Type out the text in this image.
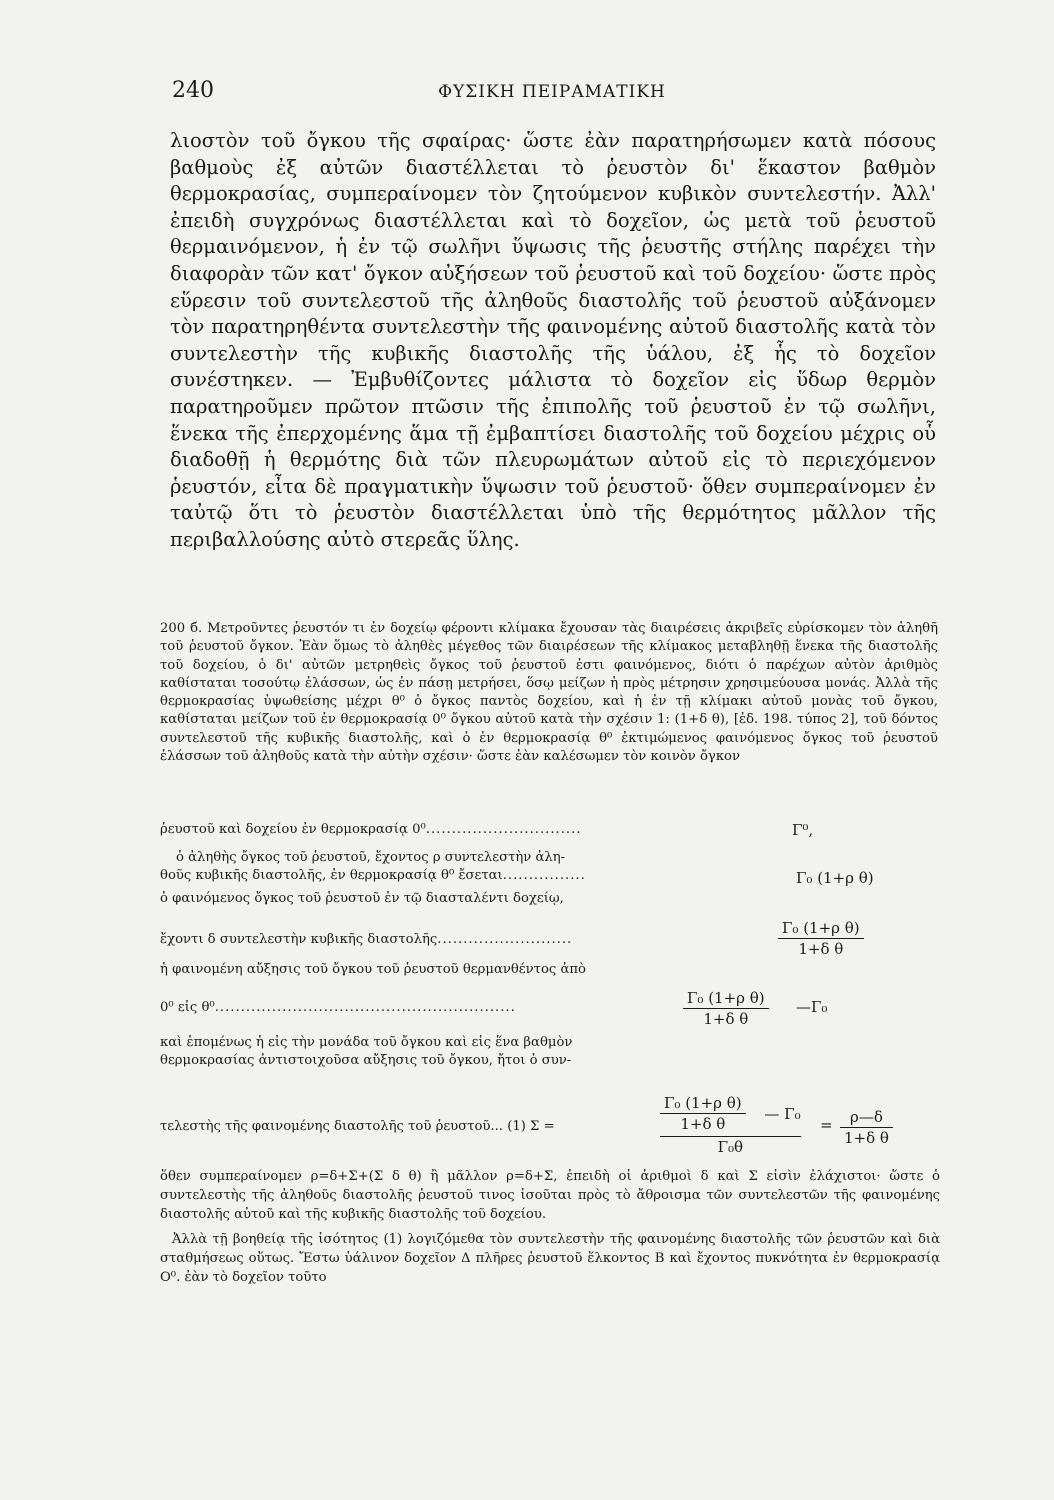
240	ΦΥΣΙΚΗ ΠΕΙΡΑΜΑΤΙΚΗ

λιοστὸν τοῦ ὄγκου τῆς σφαίρας· ὥστε ἐὰν παρατηρήσωμεν κατὰ πόσους βαθμοὺς ἐξ αὐτῶν διαστέλλεται τὸ ῥευστὸν δι' ἕκαστον βαθμὸν θερμοκρασίας, συμπεραίνομεν τὸν ζητούμενον κυβικὸν συντελεστήν. Ἀλλ' ἐπειδὴ συγχρόνως διαστέλλεται καὶ τὸ δοχεῖον, ὡς μετὰ τοῦ ῥευστοῦ θερμαινόμενον, ἡ ἐν τῷ σωλῆνι ὕψωσις τῆς ῥευστῆς στήλης παρέχει τὴν διαφορὰν τῶν κατ' ὄγκον αὐξήσεων τοῦ ῥευστοῦ καὶ τοῦ δοχείου· ὥστε πρὸς εὕρεσιν τοῦ συντελεστοῦ τῆς ἀληθοῦς διαστολῆς τοῦ ῥευστοῦ αὐξάνομεν τὸν παρατηρηθέντα συντελεστὴν τῆς φαινομένης αὐτοῦ διαστολῆς κατὰ τὸν συντελεστὴν τῆς κυβικῆς διαστολῆς τῆς ὑάλου, ἐξ ἧς τὸ δοχεῖον συνέστηκεν. — Ἐμβυθίζοντες μάλιστα τὸ δοχεῖον εἰς ὕδωρ θερμὸν παρατηροῦμεν πρῶτον πτῶσιν τῆς ἐπιπολῆς τοῦ ῥευστοῦ ἐν τῷ σωλῆνι, ἕνεκα τῆς ἐπερχομένης ἅμα τῇ ἐμβαπτίσει διαστολῆς τοῦ δοχείου μέχρις οὗ διαδοθῇ ἡ θερμότης διὰ τῶν πλευρωμάτων αὐτοῦ εἰς τὸ περιεχόμενον ῥευστόν, εἶτα δὲ πραγματικὴν ὕψωσιν τοῦ ῥευστοῦ· ὅθεν συμπεραίνομεν ἐν ταὐτῷ ὅτι τὸ ῥευστὸν διαστέλλεται ὑπὸ τῆς θερμότητος μᾶλλον τῆς περιβαλλούσης αὐτὸ στερεᾶς ὕλης.

200 б. Μετροῦντες ῥευστόν τι ἐν δοχείῳ φέροντι κλίμακα ἔχουσαν τὰς διαιρέσεις ἀκριβεῖς εὑρίσκομεν τὸν ἀληθῆ τοῦ ῥευστοῦ ὄγκον. Ἐὰν ὅμως τὸ ἀληθὲς μέγεθος τῶν διαιρέσεων τῆς κλίμακος μεταβληθῇ ἕνεκα τῆς διαστολῆς τοῦ δοχείου, ὁ δι' αὐτῶν μετρηθεὶς ὄγκος τοῦ ῥευστοῦ ἐστι φαινόμενος, διότι ὁ παρέχων αὐτὸν ἀριθμὸς καθίσταται τοσούτῳ ἐλάσσων, ὡς ἐν πάσῃ μετρήσει, ὅσῳ μείζων ἡ πρὸς μέτρησιν χρησιμεύουσα μονάς. Ἀλλὰ τῆς θερμοκρασίας ὑψωθείσης μέχρι θ⁰ ὁ ὄγκος παντὸς δοχείου, καὶ ἡ ἐν τῇ κλίμακι αὐτοῦ μονὰς τοῦ ὄγκου, καθίσταται μείζων τοῦ ἐν θερμοκρασίᾳ 0⁰ ὄγκου αὐτοῦ κατὰ τὴν σχέσιν 1: (1+δ θ), [ἐδ. 198. τύπος 2], τοῦ δόντος συντελεστοῦ τῆς κυβικῆς διαστολῆς, καὶ ὁ ἐν θερμοκρασίᾳ θ⁰ ἐκτιμώμενος φαινόμενος ὄγκος τοῦ ῥευστοῦ ἐλάσσων τοῦ ἀληθοῦς κατὰ τὴν αὐτὴν σχέσιν· ὥστε ἐὰν καλέσωμεν τὸν κοινὸν ὄγκον

ῥευστοῦ καὶ δοχείου ἐν θερμοκρασίᾳ 0⁰..............................	Γ⁰,
ὁ ἀληθὴς ὄγκος τοῦ ῥευστοῦ, ἔχοντος ρ συντελεστὴν ἀλη-
θοῦς κυβικῆς διαστολῆς, ἐν θερμοκρασίᾳ θ⁰ ἔσεται................	Γ₀ (1+ρ θ)
ὁ φαινόμενος ὄγκος τοῦ ῥευστοῦ ἐν τῷ διασταλέντι δοχείῳ,
ἔχοντι δ συντελεστὴν κυβικῆς διαστολῆς..........................	$\frac{\text{Γ₀ (1+ρ θ)}}{\text{1+δ θ}}$
ἡ φαινομένη αὔξησις τοῦ ὄγκου τοῦ ῥευστοῦ θερμανθέντος ἀπὸ
0⁰ εἰς θ⁰..........................................................	$\frac{\text{Γ₀ (1+ρ θ)}}{\text{1+δ θ}}$ —Γ₀
καὶ ἑπομένως ἡ εἰς τὴν μονάδα τοῦ ὄγκου καὶ εἰς ἕνα βαθμὸν
θερμοκρασίας ἀντιστοιχοῦσα αὔξησις τοῦ ὄγκου, ἤτοι ὁ συν-
τελεστὴς τῆς φαινομένης διαστολῆς τοῦ ῥευστοῦ... (1) Σ =	$\frac{\frac{\text{Γ₀ (1+ρ θ)}}{\text{1+δ θ}} — \Gamma_0}{\text{Γ₀θ}} = \frac{\rho—\delta}{\text{1+δ θ}}$

ὅθεν συμπεραίνομεν ρ=δ+Σ+(Σ δ θ) ἢ μᾶλλον ρ=δ+Σ, ἐπειδὴ οἱ ἀριθμοὶ δ καὶ Σ εἰσὶν ἐλάχιστοι· ὥστε ὁ συντελεστὴς τῆς ἀληθοῦς διαστολῆς ῥευστοῦ τινος ἰσοῦται πρὸς τὸ ἄθροισμα τῶν συντελεστῶν τῆς φαινομένης διαστολῆς αὐτοῦ καὶ τῆς κυβικῆς διαστολῆς τοῦ δοχείου.

Ἀλλὰ τῇ βοηθείᾳ τῆς ἰσότητος (1) λογιζόμεθα τὸν συντελεστὴν τῆς φαινομένης διαστολῆς τῶν ῥευστῶν καὶ διὰ σταθμήσεως οὕτως. Ἔστω ὑάλινον δοχεῖον Δ πλῆρες ῥευστοῦ ἕλκοντος Β καὶ ἔχοντος πυκνότητα ἐν θερμοκρασίᾳ Ο⁰. ἐὰν τὸ δοχεῖον τοῦτο
